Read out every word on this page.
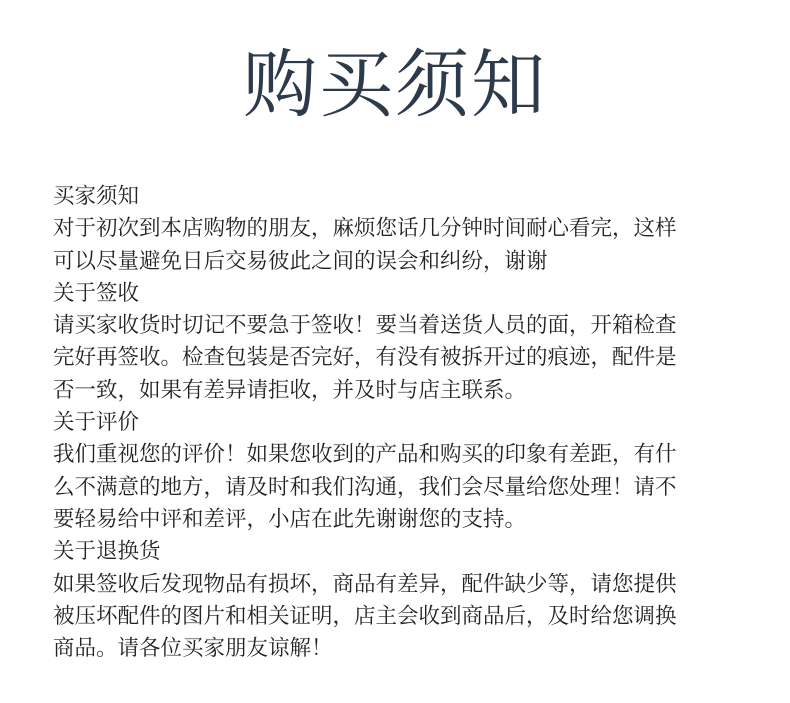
购买须知
买家须知
对于初次到本店购物的朋友，麻烦您话几分钟时间耐心看完，这样
可以尽量避免日后交易彼此之间的误会和纠纷，谢谢
关于签收
请买家收货时切记不要急于签收！要当着送货人员的面，开箱检查
完好再签收。检查包装是否完好，有没有被拆开过的痕迹，配件是
否一致，如果有差异请拒收，并及时与店主联系。
关于评价
我们重视您的评价！如果您收到的产品和购买的印象有差距，有什
么不满意的地方，请及时和我们沟通，我们会尽量给您处理！请不
要轻易给中评和差评，小店在此先谢谢您的支持。
关于退换货
如果签收后发现物品有损坏，商品有差异，配件缺少等，请您提供
被压坏配件的图片和相关证明，店主会收到商品后，及时给您调换
商品。请各位买家朋友谅解！
